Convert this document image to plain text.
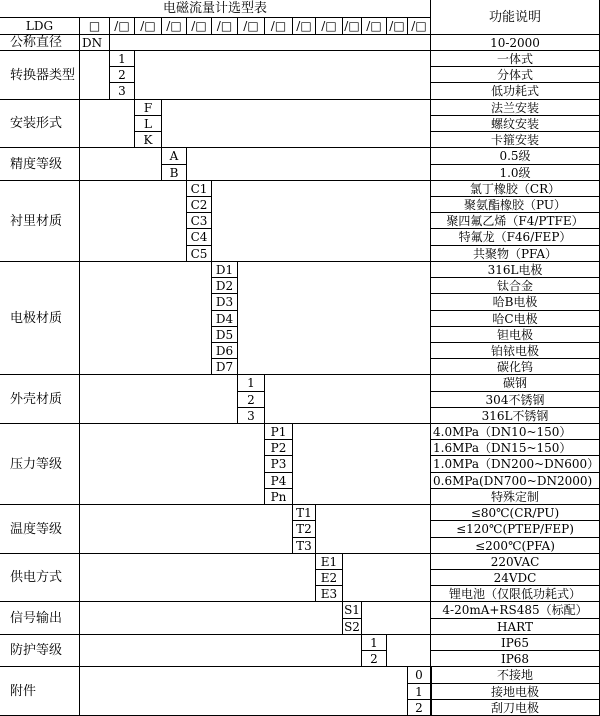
电磁流量计选型表
功能说明
LDG	□	/□ /□ /□ /□ /□ /□	/□ /□ /□ /□ /□ /□ /□
公称直径	DN	10-2000
转换器类型
1	一体式
2	分体式
3	低功耗式
安装形式
F	法兰安装
L	螺纹安装
K	卡箍安装
精度等级
A	0.5级
B	1.0级
衬里材质
C1	氯丁橡胶（CR）
C2	聚氨酯橡胶（PU）
C3	聚四氟乙烯（F4/PTFE）
C4	特氟龙（F46/FEP）
C5	共聚物（PFA）
电极材质
D1	316L电极
D2	钛合金
D3	哈B电极
D4	哈C电极
D5	钽电极
D6	铂铱电极
D7	碳化钨
外壳材质
1	碳钢
2	304不锈钢
3	316L不锈钢
压力等级
P1	4.0MPa（DN10~150）
P2	1.6MPa（DN15~150）
P3	1.0MPa（DN200~DN600）
P4	0.6MPa(DN700~DN2000)
Pn	特殊定制
温度等级
T1	≤80℃(CR/PU)
T2	≤120℃(PTEP/FEP)
T3	≤200℃(PFA)
供电方式
E1	220VAC
E2	24VDC
E3	锂电池（仅限低功耗式）
信号输出
S1	4-20mA+RS485（标配）
S2	HART
防护等级
1	IP65
2	IP68
附件
0	不接地
1	接地电极
2	刮刀电极
